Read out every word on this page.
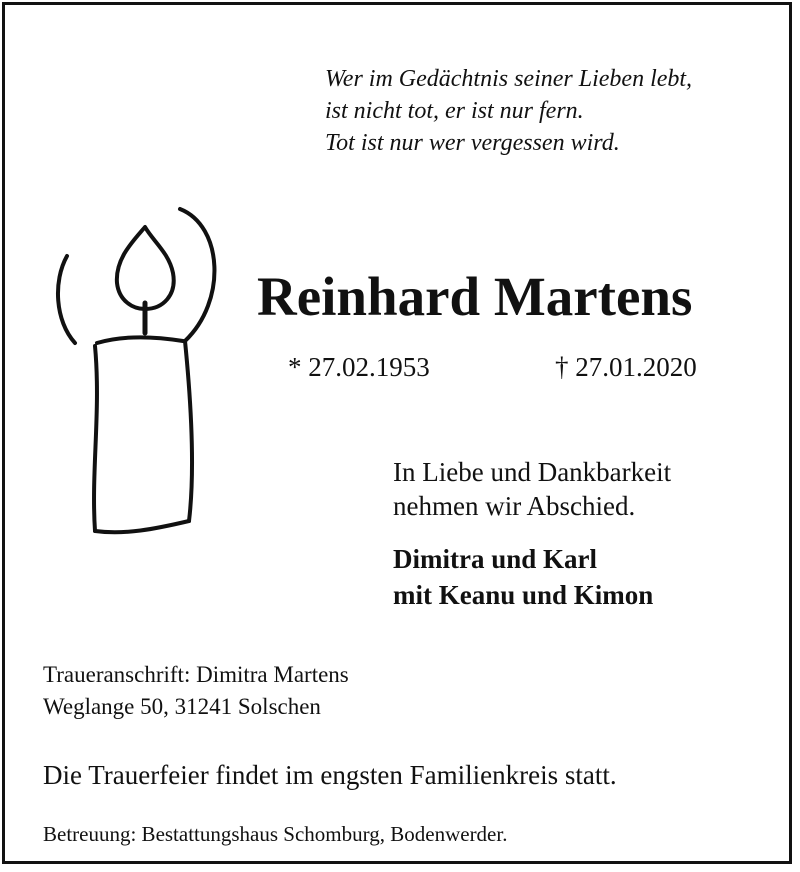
Wer im Gedächtnis seiner Lieben lebt,
ist nicht tot, er ist nur fern.
Tot ist nur wer vergessen wird.
Reinhard Martens
* 27.02.1953	† 27.01.2020
In Liebe und Dankbarkeit
nehmen wir Abschied.
Dimitra und Karl
mit Keanu und Kimon
Traueranschrift: Dimitra Martens
Weglange 50, 31241 Solschen
Die Trauerfeier findet im engsten Familienkreis statt.
Betreuung: Bestattungshaus Schomburg, Bodenwerder.
